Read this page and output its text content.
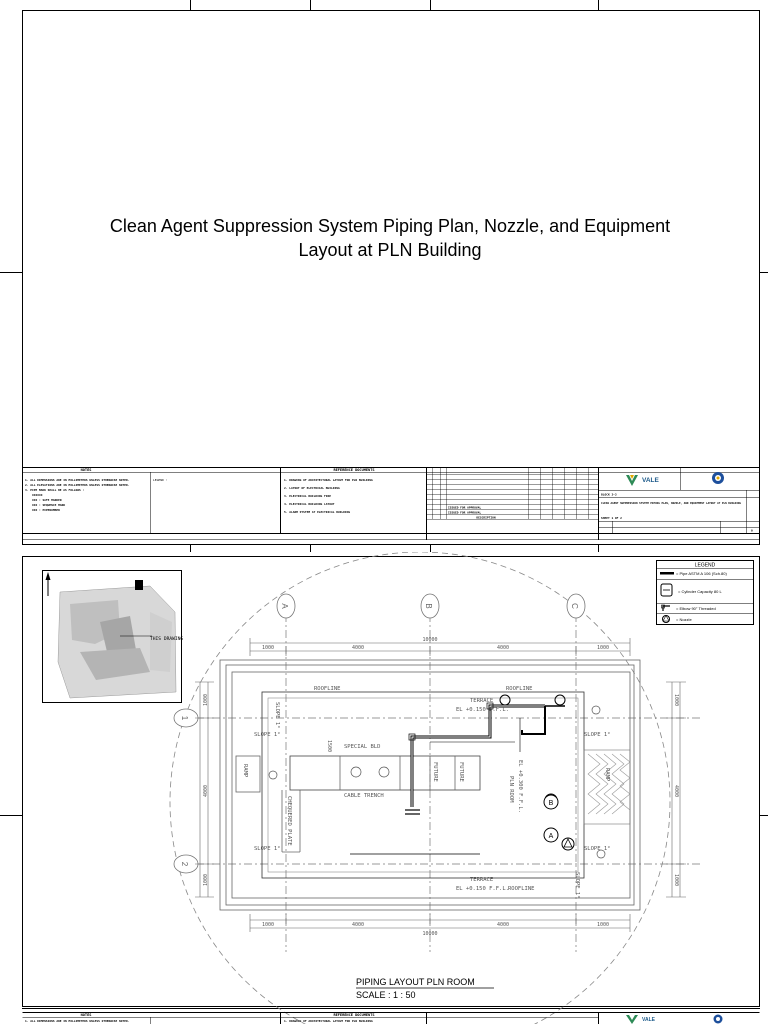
Clean Agent Suppression System Piping Plan, Nozzle, and Equipment
Layout at PLN Building
NOTES
LEGEND :
REFERENCE DOCUMENTS
1. ALL DIMENSIONS ARE IN MILLIMETERS UNLESS OTHERWISE NOTED.
2. ALL ELEVATIONS ARE IN MILLIMETERS UNLESS OTHERWISE NOTED.
3. PIPE MARK SHALL BE AS FOLLOWS :
XXXXXX
XXX : SAFE MARKER
XXX : SEQUENCE MARK
XXX : PIPENUMBER
1. DRAWING OF ARCHITECTURAL LAYOUT FOR PLN BUILDING
2. LAYOUT OF ELECTRICAL BUILDING
3. ELECTRICAL BUILDING FIRE
4. ELECTRICAL BUILDING LAYOUT
5. ALARM SYSTEM AT ELECTRICAL BUILDING
ISSUED FOR APPROVAL
ISSUED FOR APPROVAL
DESCRIPTION
VALE
BLOCK 3-3
CLEAN AGENT SUPPRESSION SYSTEM PIPING PLAN, NOZZLE, AND EQUIPMENT LAYOUT AT PLN BUILDING
SHEET 1 OF 2
0
THIS DRAWING
LEGEND
= Pipe ASTM A 106 (Sch.80)
= Cylinder Capacity 80 L
= Elbow 90° Threaded
= Nozzle
A	B	C
1
2
10000
1000	4000	4000	1000
1000	4000	4000	1000
10000
1000
4000
1000
1000
4000
1000
1500
A
B
ROOFLINE	ROOFLINE
ROOFLINE
TERRACE
EL +0.150 F.F.L.
TERRACE
EL +0.150 F.F.L.
SLOPE 1°
SLOPE 1°
SLOPE 1°
SLOPE 1°
SPECIAL BLD
CABLE TRENCH
SLOPE 1°
SLOPE 1°
CHEQUERED PLATE
RAMP	RAMP
FUTURE	FUTURE
PLN ROOM EL +0.300 F.F.L.
PIPING LAYOUT PLN ROOM
SCALE : 1 : 50
NOTES	REFERENCE DOCUMENTS
1. ALL DIMENSIONS ARE IN MILLIMETERS UNLESS OTHERWISE NOTED.	1. DRAWING OF ARCHITECTURAL LAYOUT FOR PLN BUILDING	VALE
